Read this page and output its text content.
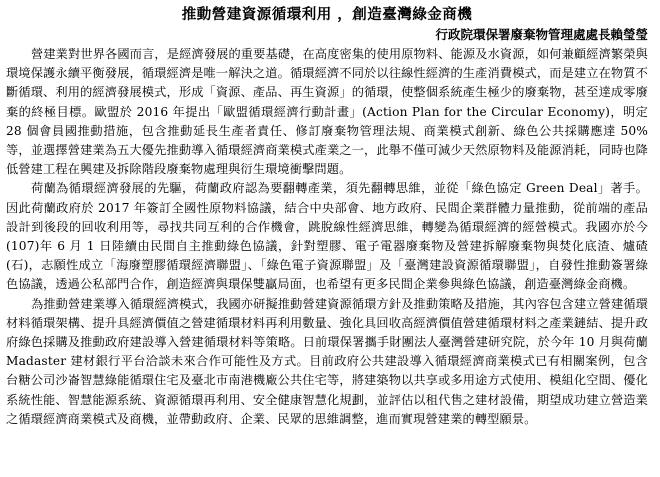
推動營建資源循環利用 ，創造臺灣綠金商機
行政院環保署廢棄物管理處處長賴瑩瑩

營建業對世界各國而言，是經濟發展的重要基礎，在高度密集的使用原物料、能源及水資源，如何兼顧經濟繁榮與環境保護永續平衡發展，循環經濟是唯一解決之道。循環經濟不同於以往線性經濟的生產消費模式，而是建立在物質不斷循環、利用的經濟發展模式，形成「資源、產品、再生資源」的循環，使整個系統產生極少的廢棄物，甚至達成零廢棄的終極目標。歐盟於 2016 年提出「歐盟循環經濟行動計畫」(Action Plan for the Circular Economy)，明定 28 個會員國推動措施，包含推動延長生產者責任、修訂廢棄物管理法規、商業模式創新、綠色公共採購應達 50%等，並選擇營建業為五大優先推動導入循環經濟商業模式產業之一，此舉不僅可減少天然原物料及能源消耗，同時也降低營建工程在興建及拆除階段廢棄物處理與衍生環境衝擊問題。

荷蘭為循環經濟發展的先驅，荷蘭政府認為要翻轉產業，須先翻轉思維，並從「綠色協定 Green Deal」著手。因此荷蘭政府於 2017 年簽訂全國性原物料協議，結合中央部會、地方政府、民間企業群體力量推動，從前端的產品設計到後段的回收利用等，尋找共同互利的合作機會，跳脫線性經濟思維，轉變為循環經濟的經營模式。我國亦於今(107)年 6 月 1 日陸續由民間自主推動綠色協議，針對塑膠、電子電器廢棄物及營建拆解廢棄物與焚化底渣、爐碴(石)，志願性成立「海廢塑膠循環經濟聯盟」、「綠色電子資源聯盟」及「臺灣建設資源循環聯盟」，自發性推動簽署綠色協議，透過公私部門合作，創造經濟與環保雙贏局面，也希望有更多民間企業參與綠色協議，創造臺灣綠金商機。

為推動營建業導入循環經濟模式，我國亦研擬推動營建資源循環方針及推動策略及措施，其內容包含建立營建循環材料循環架構、提升具經濟價值之營建循環材料再利用數量、強化具回收高經濟價值營建循環材料之產業鏈結、提升政府綠色採購及推動政府建設導入營建循環材料等策略。日前環保署攜手財團法人臺灣營建研究院，於今年 10 月與荷蘭 Madaster 建材銀行平台洽談未來合作可能性及方式。目前政府公共建設導入循環經濟商業模式已有相關案例，包含台糖公司沙崙智慧綠能循環住宅及臺北市南港機廠公共住宅等，將建築物以共享或多用途方式使用、模組化空間、優化系統性能、智慧能源系統、資源循環再利用、安全健康智慧化規劃，並評估以租代售之建材設備，期望成功建立營造業之循環經濟商業模式及商機，並帶動政府、企業、民眾的思維調整，進而實現營建業的轉型願景。
